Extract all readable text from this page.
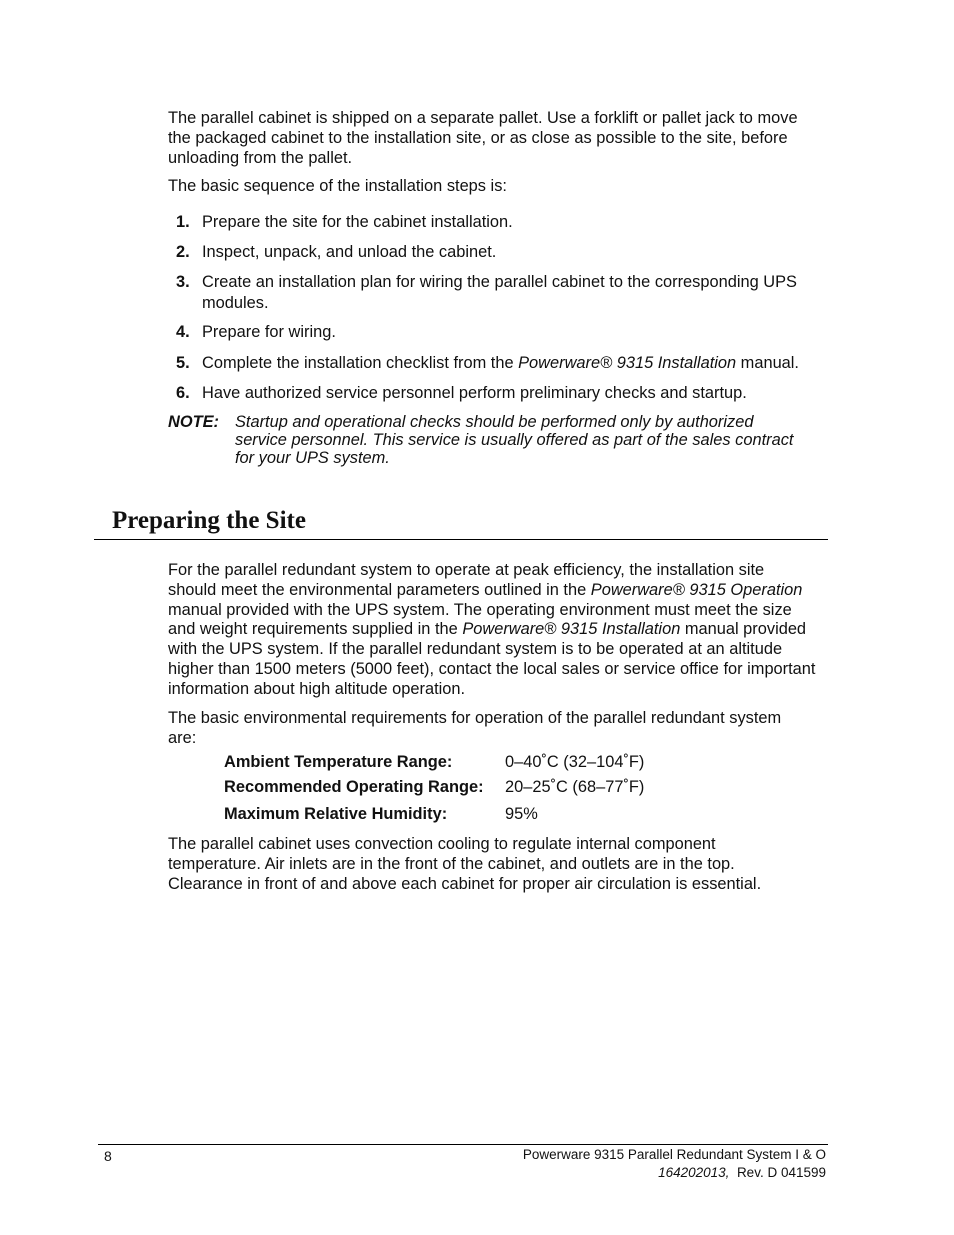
The parallel cabinet is shipped on a separate pallet. Use a forklift or pallet jack to move the packaged cabinet to the installation site, or as close as possible to the site, before unloading from the pallet.

The basic sequence of the installation steps is:

1. Prepare the site for the cabinet installation.
2. Inspect, unpack, and unload the cabinet.
3. Create an installation plan for wiring the parallel cabinet to the corresponding UPS modules.
4. Prepare for wiring.
5. Complete the installation checklist from the Powerware® 9315 Installation manual.
6. Have authorized service personnel perform preliminary checks and startup.
NOTE: Startup and operational checks should be performed only by authorized service personnel. This service is usually offered as part of the sales contract for your UPS system.
Preparing the Site

For the parallel redundant system to operate at peak efficiency, the installation site should meet the environmental parameters outlined in the Powerware® 9315 Operation manual provided with the UPS system. The operating environment must meet the size and weight requirements supplied in the Powerware® 9315 Installation manual provided with the UPS system. If the parallel redundant system is to be operated at an altitude higher than 1500 meters (5000 feet), contact the local sales or service office for important information about high altitude operation.

The basic environmental requirements for operation of the parallel redundant system are:

Ambient Temperature Range:	0–40˚C (32–104˚F)
Recommended Operating Range: 20–25˚C (68–77˚F)
Maximum Relative Humidity:	95%

The parallel cabinet uses convection cooling to regulate internal component temperature. Air inlets are in the front of the cabinet, and outlets are in the top. Clearance in front of and above each cabinet for proper air circulation is essential.

8	Powerware 9315 Parallel Redundant System I & O
164202013, Rev. D 041599
